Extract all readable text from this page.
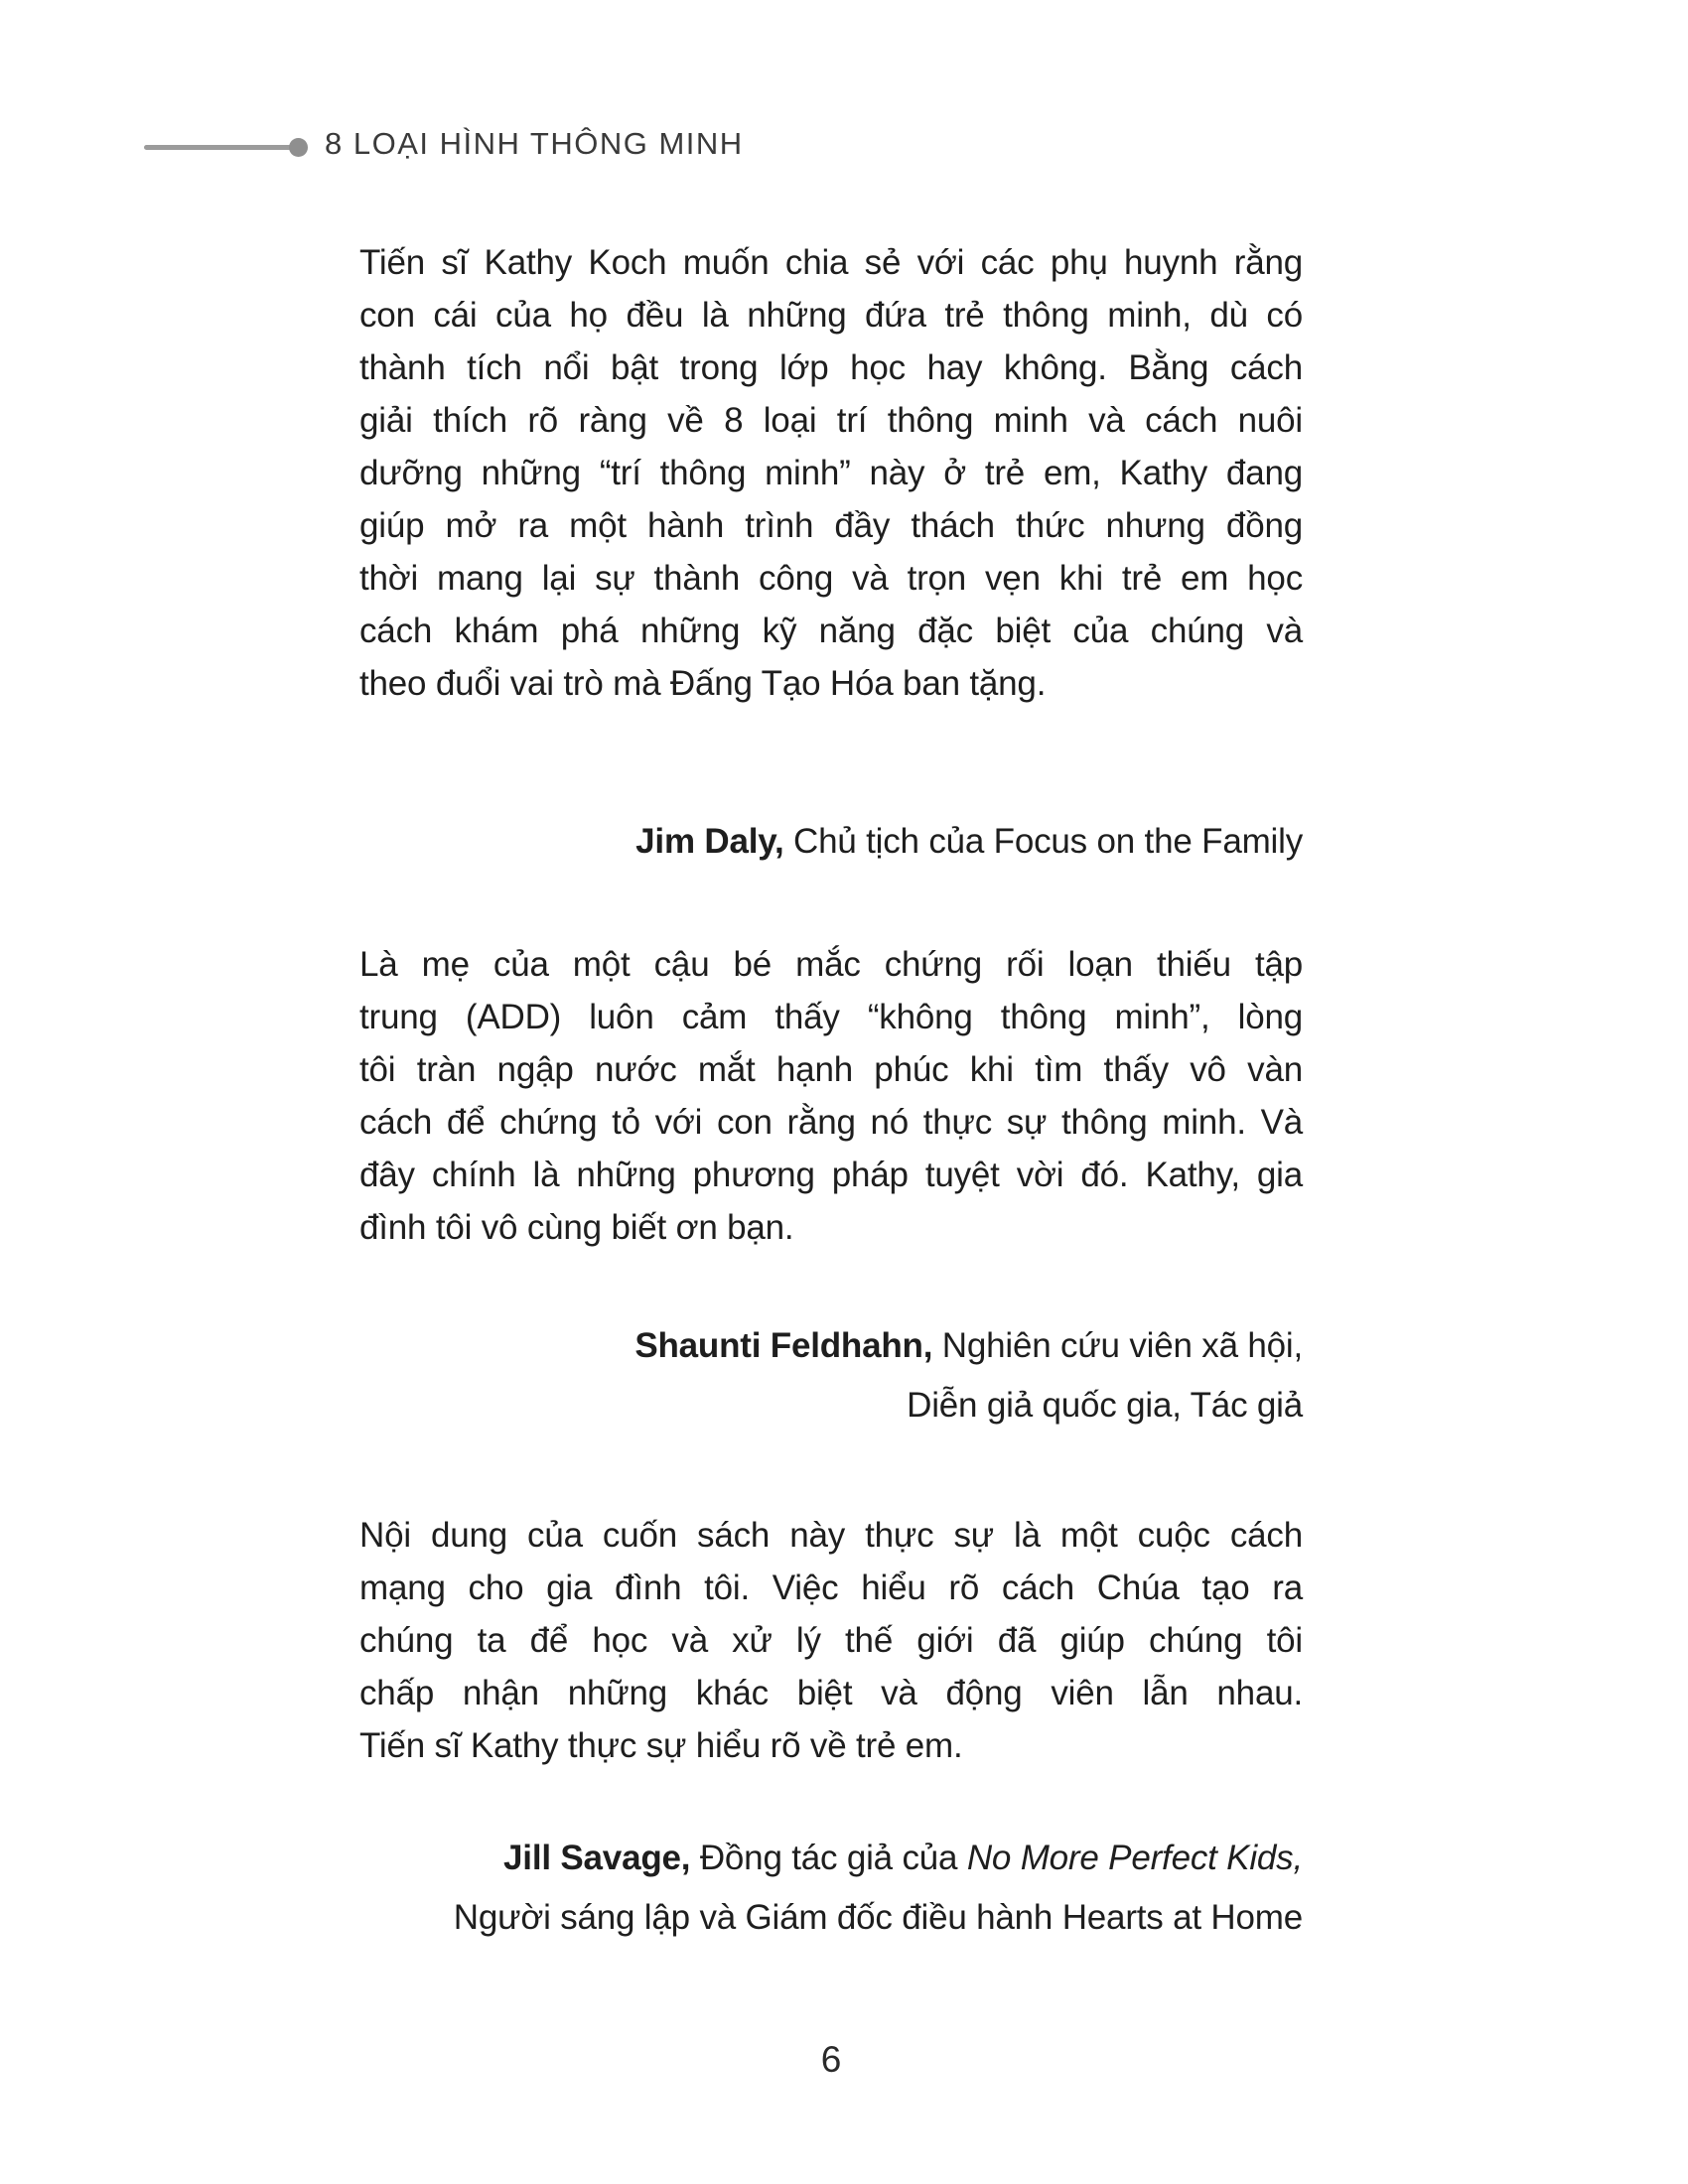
8 LOẠI HÌNH THÔNG MINH
Tiến sĩ Kathy Koch muốn chia sẻ với các phụ huynh rằng
con cái của họ đều là những đứa trẻ thông minh, dù có
thành tích nổi bật trong lớp học hay không. Bằng cách
giải thích rõ ràng về 8 loại trí thông minh và cách nuôi
dưỡng những “trí thông minh” này ở trẻ em, Kathy đang
giúp mở ra một hành trình đầy thách thức nhưng đồng
thời mang lại sự thành công và trọn vẹn khi trẻ em học
cách khám phá những kỹ năng đặc biệt của chúng và
theo đuổi vai trò mà Đấng Tạo Hóa ban tặng.
Jim Daly, Chủ tịch của Focus on the Family
Là mẹ của một cậu bé mắc chứng rối loạn thiếu tập
trung (ADD) luôn cảm thấy “không thông minh”, lòng
tôi tràn ngập nước mắt hạnh phúc khi tìm thấy vô vàn
cách để chứng tỏ với con rằng nó thực sự thông minh. Và
đây chính là những phương pháp tuyệt vời đó. Kathy, gia
đình tôi vô cùng biết ơn bạn.
Shaunti Feldhahn, Nghiên cứu viên xã hội,
Diễn giả quốc gia, Tác giả
Nội dung của cuốn sách này thực sự là một cuộc cách
mạng cho gia đình tôi. Việc hiểu rõ cách Chúa tạo ra
chúng ta để học và xử lý thế giới đã giúp chúng tôi
chấp nhận những khác biệt và động viên lẫn nhau.
Tiến sĩ Kathy thực sự hiểu rõ về trẻ em.
Jill Savage, Đồng tác giả của No More Perfect Kids,
Người sáng lập và Giám đốc điều hành Hearts at Home
6
